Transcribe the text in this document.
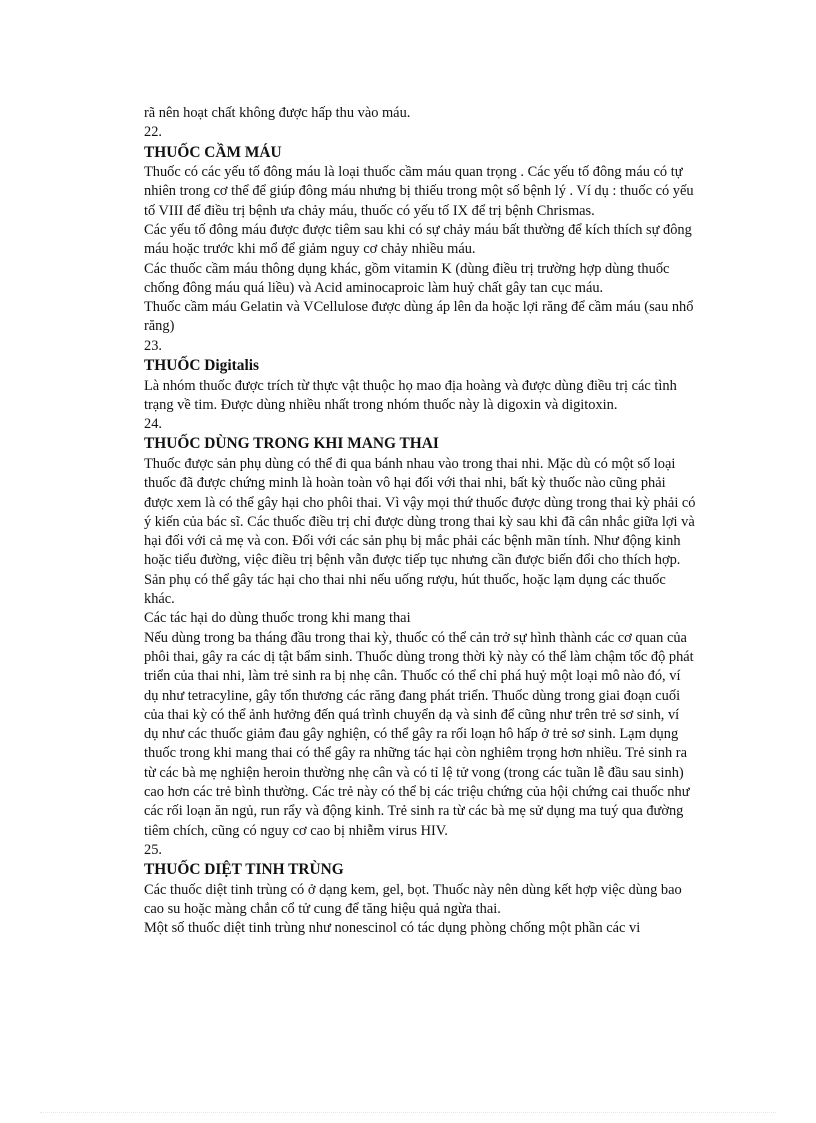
rã nên hoạt chất không được hấp thu vào máu.

22.
THUỐC CẦM MÁU

Thuốc có các yếu tố đông máu là loại thuốc cầm máu quan trọng . Các yếu tố đông máu có tự nhiên trong cơ thể để giúp đông máu nhưng bị thiếu trong một số bệnh lý . Ví dụ : thuốc có yếu tố VIII để điều trị bệnh ưa chảy máu, thuốc có yếu tố IX để trị bệnh Chrismas.

Các yếu tố đông máu được được tiêm sau khi có sự chảy máu bất thường để kích thích sự đông máu hoặc trước khi mổ để giảm nguy cơ chảy nhiều máu.

Các thuốc cầm máu thông dụng khác, gồm vitamin K (dùng điều trị trường hợp dùng thuốc chống đông máu quá liều) và Acid aminocaproic làm huỷ chất gây tan cục máu.

Thuốc cầm máu Gelatin và VCellulose được dùng áp lên da hoặc lợi răng để cầm máu (sau nhổ răng)

23.
THUỐC Digitalis

Là nhóm thuốc được trích từ thực vật thuộc họ mao địa hoàng và được dùng điều trị các tình trạng về tim. Được dùng nhiều nhất trong nhóm thuốc này là digoxin và digitoxin.

24.
THUỐC DÙNG TRONG KHI MANG THAI

Thuốc được sản phụ dùng có thể đi qua bánh nhau vào trong thai nhi. Mặc dù có một số loại thuốc đã được chứng minh là hoàn toàn vô hại đối với thai nhi, bất kỳ thuốc nào cũng phải được xem là có thể gây hại cho phôi thai. Vì vậy mọi thứ thuốc được dùng trong thai kỳ phải có ý kiến của bác sĩ. Các thuốc điều trị chỉ được dùng trong thai kỳ sau khi đã cân nhắc giữa lợi và hại đối với cả mẹ và con. Đối với các sản phụ bị mắc phải các bệnh mãn tính. Như động kinh hoặc tiểu đường, việc điều trị bệnh vẫn được tiếp tục nhưng cần được biến đổi cho thích hợp. Sản phụ có thể gây tác hại cho thai nhi nếu uống rượu, hút thuốc, hoặc lạm dụng các thuốc khác.

Các tác hại do dùng thuốc trong khi mang thai

Nếu dùng trong ba tháng đầu trong thai kỳ, thuốc có thể cản trở sự hình thành các cơ quan của phôi thai, gây ra các dị tật bẩm sinh. Thuốc dùng trong thời kỳ này có thể làm chậm tốc độ phát triển của thai nhi, làm trẻ sinh ra bị nhẹ cân. Thuốc có thể chỉ phá huỷ một loại mô nào đó, ví dụ như tetracyline, gây tổn thương các răng đang phát triển. Thuốc dùng trong giai đoạn cuối của thai kỳ có thể ảnh hưởng đến quá trình chuyển dạ và sinh để cũng như trên trẻ sơ sinh, ví dụ như các thuốc giảm đau gây nghiện, có thể gây ra rối loạn hô hấp ở trẻ sơ sinh. Lạm dụng thuốc trong khi mang thai có thể gây ra những tác hại còn nghiêm trọng hơn nhiều. Trẻ sinh ra từ các bà mẹ nghiện heroin thường nhẹ cân và có tỉ lệ tử vong (trong các tuần lễ đầu sau sinh) cao hơn các trẻ bình thường. Các trẻ này có thể bị các triệu chứng của hội chứng cai thuốc như các rối loạn ăn ngủ, run rẩy và động kinh. Trẻ sinh ra từ các bà mẹ sử dụng ma tuý qua đường tiêm chích, cũng có nguy cơ cao bị nhiễm virus HIV.

25.
THUỐC DIỆT TINH TRÙNG

Các thuốc diệt tinh trùng có ở dạng kem, gel, bọt. Thuốc này nên dùng kết hợp việc dùng bao cao su hoặc màng chắn cổ tử cung để tăng hiệu quả ngừa thai.

Một số thuốc diệt tinh trùng như nonescinol có tác dụng phòng chống một phần các vi
